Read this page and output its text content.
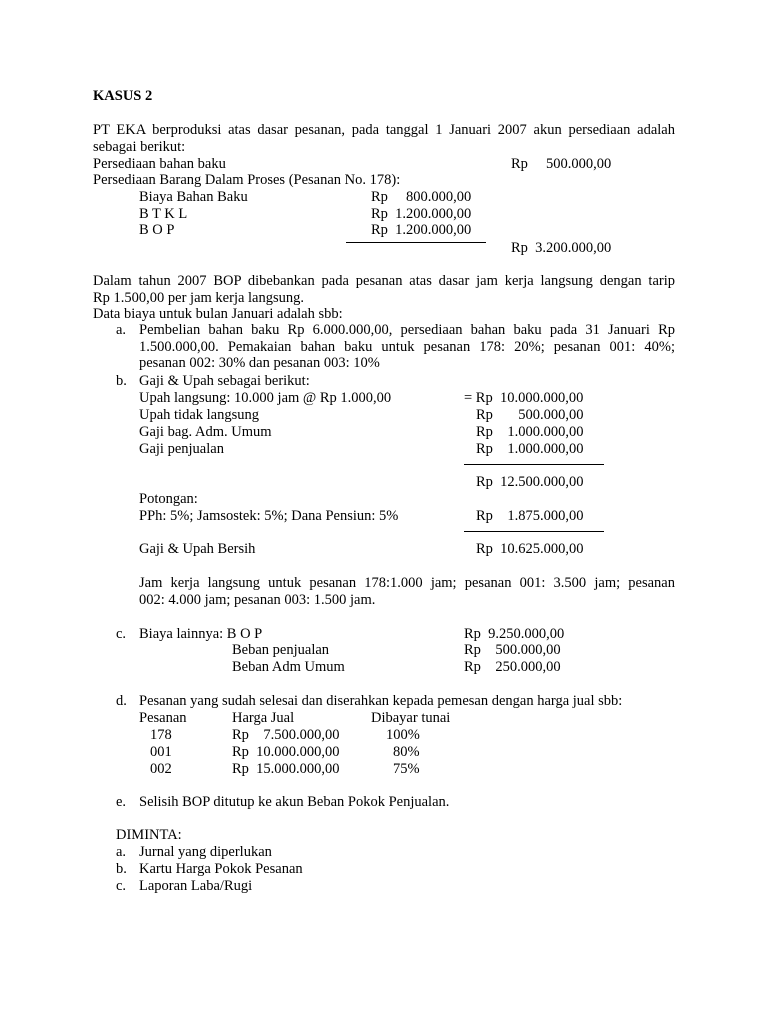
KASUS 2
PT EKA berproduksi atas dasar pesanan, pada tanggal 1 Januari 2007 akun persediaan adalah
sebagai berikut:
Persediaan bahan baku	Rp     500.000,00
Persediaan Barang Dalam Proses (Pesanan No. 178):
Biaya Bahan Baku	Rp     800.000,00
B T K L	Rp  1.200.000,00
B O P	Rp  1.200.000,00
Rp  3.200.000,00
Dalam tahun 2007 BOP dibebankan pada pesanan atas dasar jam kerja langsung dengan tarip
Rp 1.500,00 per jam kerja langsung.
Data biaya untuk bulan Januari adalah sbb:
a. Pembelian bahan baku Rp 6.000.000,00, persediaan bahan baku pada 31 Januari Rp
1.500.000,00. Pemakaian bahan baku untuk pesanan 178: 20%; pesanan 001: 40%;
pesanan 002: 30% dan pesanan 003: 10%
b. Gaji & Upah sebagai berikut:
Upah langsung: 10.000 jam @ Rp 1.000,00	= Rp  10.000.000,00
Upah tidak langsung	Rp       500.000,00
Gaji bag. Adm. Umum	Rp    1.000.000,00
Gaji penjualan	Rp    1.000.000,00
Rp  12.500.000,00
Potongan:
PPh: 5%; Jamsostek: 5%; Dana Pensiun: 5%	Rp    1.875.000,00
Gaji & Upah Bersih	Rp  10.625.000,00
Jam kerja langsung untuk pesanan 178:1.000 jam; pesanan 001: 3.500 jam; pesanan
002: 4.000 jam; pesanan 003: 1.500 jam.
c. Biaya lainnya: B O P	Rp  9.250.000,00
Beban penjualan	Rp    500.000,00
Beban Adm Umum	Rp    250.000,00
d. Pesanan yang sudah selesai dan diserahkan kepada pemesan dengan harga jual sbb:
Pesanan	Harga Jual	Dibayar tunai
178	Rp    7.500.000,00	100%
001	Rp  10.000.000,00	80%
002	Rp  15.000.000,00	75%
e. Selisih BOP ditutup ke akun Beban Pokok Penjualan.
DIMINTA:
a. Jurnal yang diperlukan
b. Kartu Harga Pokok Pesanan
c. Laporan Laba/Rugi
